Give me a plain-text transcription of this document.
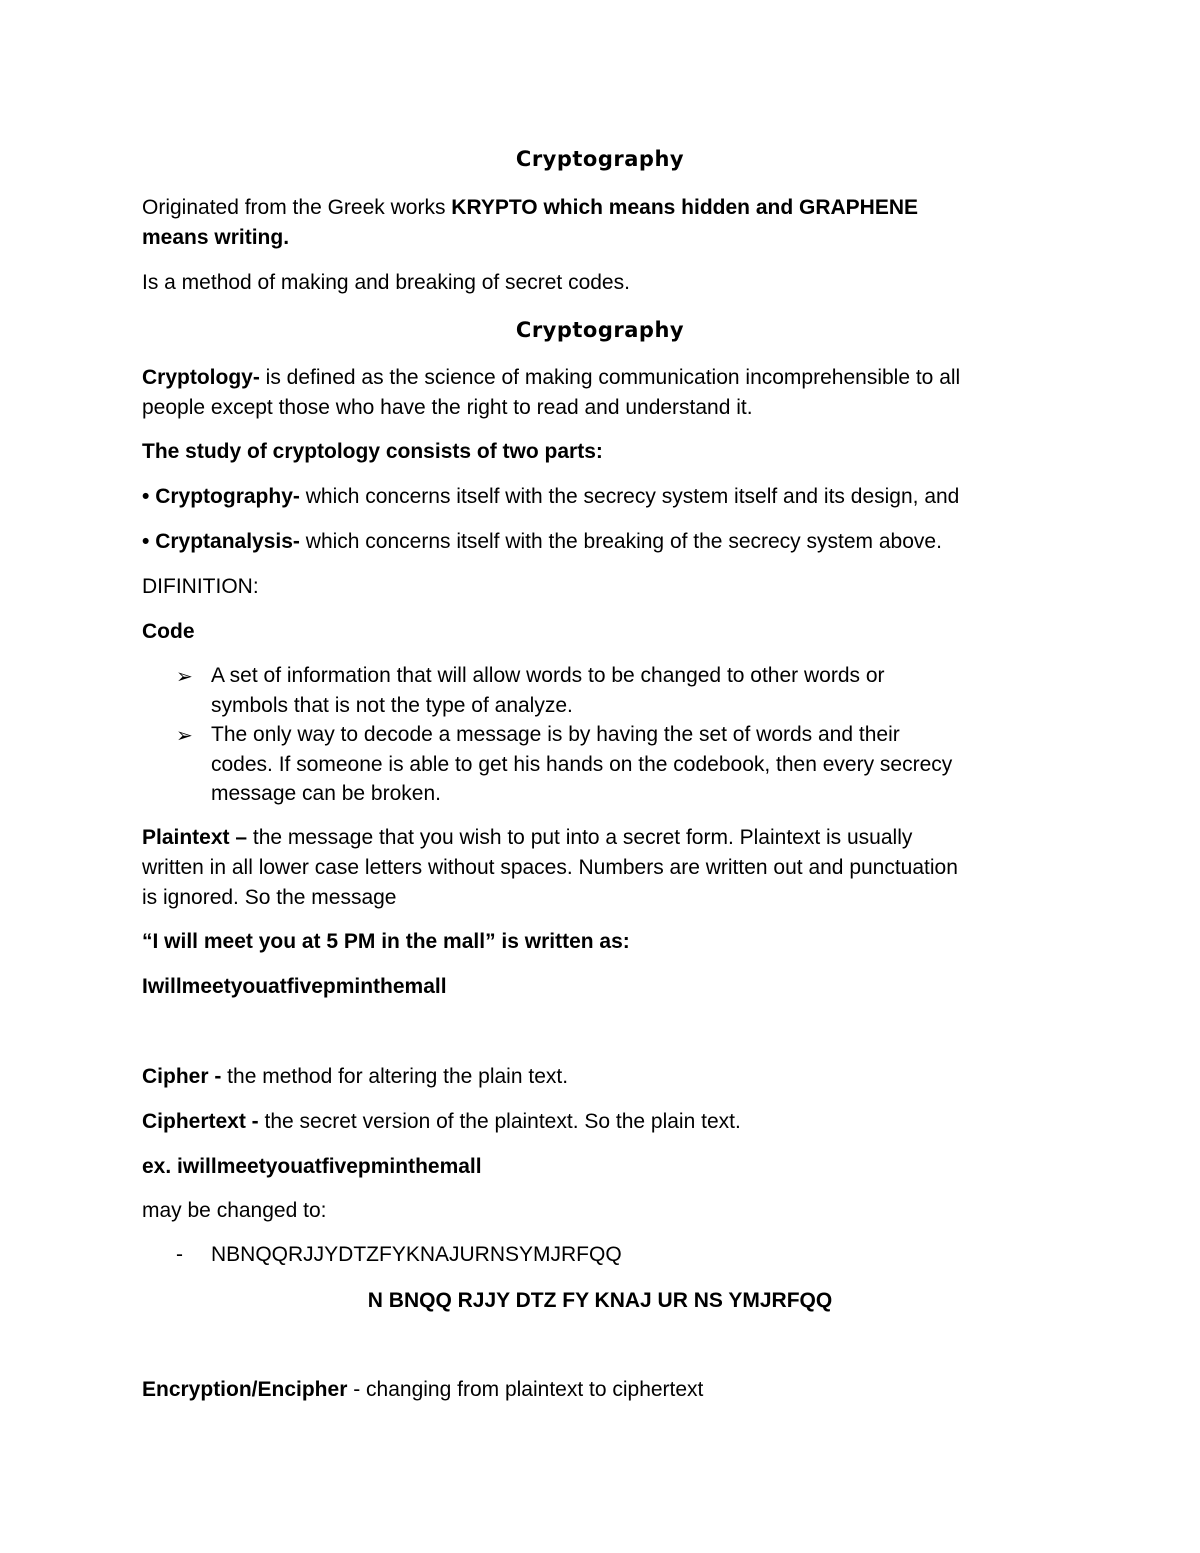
Cryptography
Originated from the Greek works KRYPTO which means hidden and GRAPHENE
means writing.
Is a method of making and breaking of secret codes.
Cryptography
Cryptology- is defined as the science of making communication incomprehensible to all
people except those who have the right to read and understand it.
The study of cryptology consists of two parts:
• Cryptography- which concerns itself with the secrecy system itself and its design, and
• Cryptanalysis- which concerns itself with the breaking of the secrecy system above.
DIFINITION:
Code
➢ A set of information that will allow words to be changed to other words or
symbols that is not the type of analyze.
➢ The only way to decode a message is by having the set of words and their
codes. If someone is able to get his hands on the codebook, then every secrecy
message can be broken.
Plaintext – the message that you wish to put into a secret form. Plaintext is usually
written in all lower case letters without spaces. Numbers are written out and punctuation
is ignored. So the message
“I will meet you at 5 PM in the mall” is written as:
Iwillmeetyouatfivepminthemall
Cipher - the method for altering the plain text.
Ciphertext - the secret version of the plaintext. So the plain text.
ex. iwillmeetyouatfivepminthemall
may be changed to:
- NBNQQRJJYDTZFYKNAJURNSYMJRFQQ
N BNQQ RJJY DTZ FY KNAJ UR NS YMJRFQQ
Encryption/Encipher - changing from plaintext to ciphertext
